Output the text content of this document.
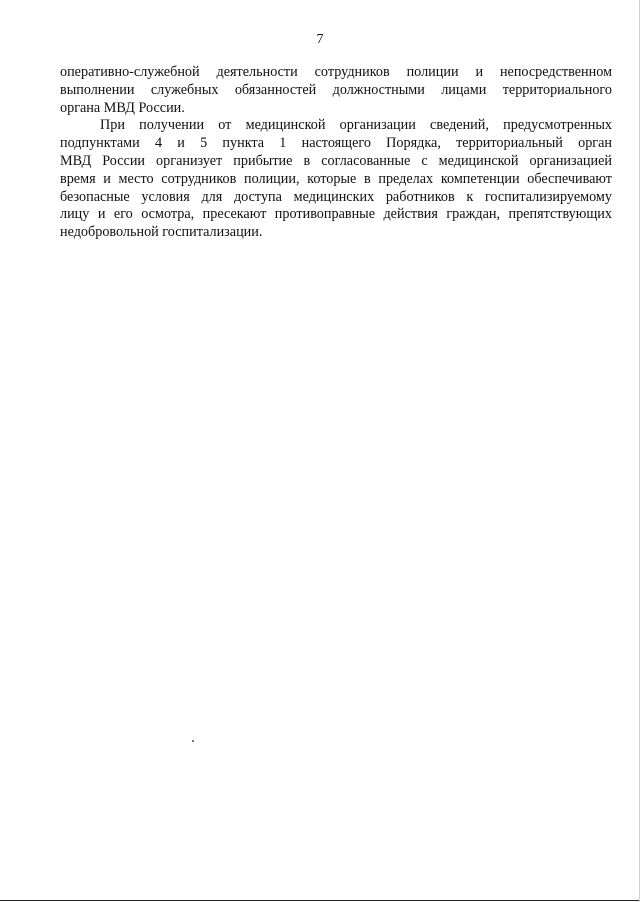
7

оперативно-служебной деятельности сотрудников полиции и непосредственном
выполнении служебных обязанностей должностными лицами территориального
органа МВД России.

При получении от медицинской организации сведений, предусмотренных
подпунктами 4 и 5 пункта 1 настоящего Порядка, территориальный орган
МВД России организует прибытие в согласованные с медицинской организацией
время и место сотрудников полиции, которые в пределах компетенции обеспечивают
безопасные условия для доступа медицинских работников к госпитализируемому
лицу и его осмотра, пресекают противоправные действия граждан, препятствующих
недобровольной госпитализации.
